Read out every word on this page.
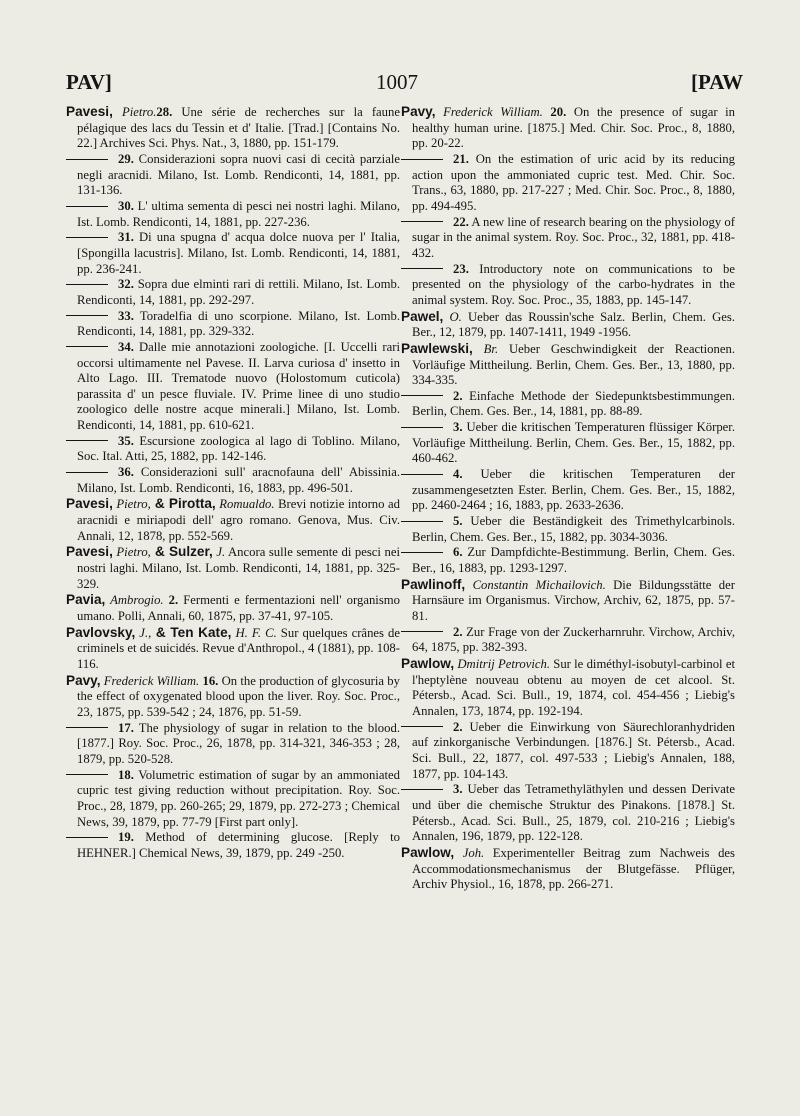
PAV]	1007	[PAW

Pavesi, Pietro.28. Une série de recherches sur la faune pélagique des lacs du Tessin et d' Italie. [Trad.] [Contains No. 22.] Archives Sci. Phys. Nat., 3, 1880, pp. 151-179.

29. Considerazioni sopra nuovi casi di cecità parziale negli aracnidi. Milano, Ist. Lomb. Rendiconti, 14, 1881, pp. 131-136.

30. L' ultima sementa di pesci nei nostri laghi. Milano, Ist. Lomb. Rendiconti, 14, 1881, pp. 227-236.

31. Di una spugna d' acqua dolce nuova per l' Italia, [Spongilla lacustris]. Milano, Ist. Lomb. Rendiconti, 14, 1881, pp. 236-241.

32. Sopra due elminti rari di rettili. Milano, Ist. Lomb. Rendiconti, 14, 1881, pp. 292-297.

33. Toradelfia di uno scorpione. Milano, Ist. Lomb. Rendiconti, 14, 1881, pp. 329-332.

34. Dalle mie annotazioni zoologiche. [I. Uccelli rari occorsi ultimamente nel Pavese. II. Larva curiosa d' insetto in Alto Lago. III. Trematode nuovo (Holostomum cuticola) parassita d' un pesce fluviale. IV. Prime linee di uno studio zoologico delle nostre acque minerali.] Milano, Ist. Lomb. Rendiconti, 14, 1881, pp. 610-621.

35. Escursione zoologica al lago di Toblino. Milano, Soc. Ital. Atti, 25, 1882, pp. 142-146.

36. Considerazioni sull' aracnofauna dell' Abissinia. Milano, Ist. Lomb. Rendiconti, 16, 1883, pp. 496-501.

Pavesi, Pietro, & Pirotta, Romualdo. Brevi notizie intorno ad aracnidi e miriapodi dell' agro romano. Genova, Mus. Civ. Annali, 12, 1878, pp. 552-569.

Pavesi, Pietro, & Sulzer, J. Ancora sulle semente di pesci nei nostri laghi. Milano, Ist. Lomb. Rendiconti, 14, 1881, pp. 325-329.

Pavia, Ambrogio. 2. Fermenti e fermentazioni nell' organismo umano. Polli, Annali, 60, 1875, pp. 37-41, 97-105.

Pavlovsky, J., & Ten Kate, H. F. C. Sur quelques crânes de criminels et de suicidés. Revue d'Anthropol., 4 (1881), pp. 108-116.

Pavy, Frederick William. 16. On the production of glycosuria by the effect of oxygenated blood upon the liver. Roy. Soc. Proc., 23, 1875, pp. 539-542 ; 24, 1876, pp. 51-59.

17. The physiology of sugar in relation to the blood. [1877.] Roy. Soc. Proc., 26, 1878, pp. 314-321, 346-353 ; 28, 1879, pp. 520-528.

18. Volumetric estimation of sugar by an ammoniated cupric test giving reduction without precipitation. Roy. Soc. Proc., 28, 1879, pp. 260-265; 29, 1879, pp. 272-273 ; Chemical News, 39, 1879, pp. 77-79 [First part only].

19. Method of determining glucose. [Reply to HEHNER.] Chemical News, 39, 1879, pp. 249 -250.

Pavy, Frederick William. 20. On the presence of sugar in healthy human urine. [1875.] Med. Chir. Soc. Proc., 8, 1880, pp. 20-22.

21. On the estimation of uric acid by its reducing action upon the ammoniated cupric test. Med. Chir. Soc. Trans., 63, 1880, pp. 217-227 ; Med. Chir. Soc. Proc., 8, 1880, pp. 494-495.

22. A new line of research bearing on the physiology of sugar in the animal system. Roy. Soc. Proc., 32, 1881, pp. 418-432.

23. Introductory note on communications to be presented on the physiology of the carbo-hydrates in the animal system. Roy. Soc. Proc., 35, 1883, pp. 145-147.

Pawel, O. Ueber das Roussin'sche Salz. Berlin, Chem. Ges. Ber., 12, 1879, pp. 1407-1411, 1949 -1956.

Pawlewski, Br. Ueber Geschwindigkeit der Reactionen. Vorläufige Mittheilung. Berlin, Chem. Ges. Ber., 13, 1880, pp. 334-335.

2. Einfache Methode der Siedepunktsbestimmungen. Berlin, Chem. Ges. Ber., 14, 1881, pp. 88-89.

3. Ueber die kritischen Temperaturen flüssiger Körper. Vorläufige Mittheilung. Berlin, Chem. Ges. Ber., 15, 1882, pp. 460-462.

4. Ueber die kritischen Temperaturen der zusammengesetzten Ester. Berlin, Chem. Ges. Ber., 15, 1882, pp. 2460-2464 ; 16, 1883, pp. 2633-2636.

5. Ueber die Beständigkeit des Trimethylcarbinols. Berlin, Chem. Ges. Ber., 15, 1882, pp. 3034-3036.

6. Zur Dampfdichte-Bestimmung. Berlin, Chem. Ges. Ber., 16, 1883, pp. 1293-1297.

Pawlinoff, Constantin Michailovich. Die Bildungsstätte der Harnsäure im Organismus. Virchow, Archiv, 62, 1875, pp. 57-81.

2. Zur Frage von der Zuckerharnruhr. Virchow, Archiv, 64, 1875, pp. 382-393.

Pawlow, Dmitrij Petrovich. Sur le diméthyl-isobutyl-carbinol et l'heptylène nouveau obtenu au moyen de cet alcool. St. Pétersb., Acad. Sci. Bull., 19, 1874, col. 454-456 ; Liebig's Annalen, 173, 1874, pp. 192-194.

2. Ueber die Einwirkung von Säurechloranhydriden auf zinkorganische Verbindungen. [1876.] St. Pétersb., Acad. Sci. Bull., 22, 1877, col. 497-533 ; Liebig's Annalen, 188, 1877, pp. 104-143.

3. Ueber das Tetramethyläthylen und dessen Derivate und über die chemische Struktur des Pinakons. [1878.] St. Pétersb., Acad. Sci. Bull., 25, 1879, col. 210-216 ; Liebig's Annalen, 196, 1879, pp. 122-128.

Pawlow, Joh. Experimenteller Beitrag zum Nachweis des Accommodationsmechanismus der Blutgefässe. Pflüger, Archiv Physiol., 16, 1878, pp. 266-271.
